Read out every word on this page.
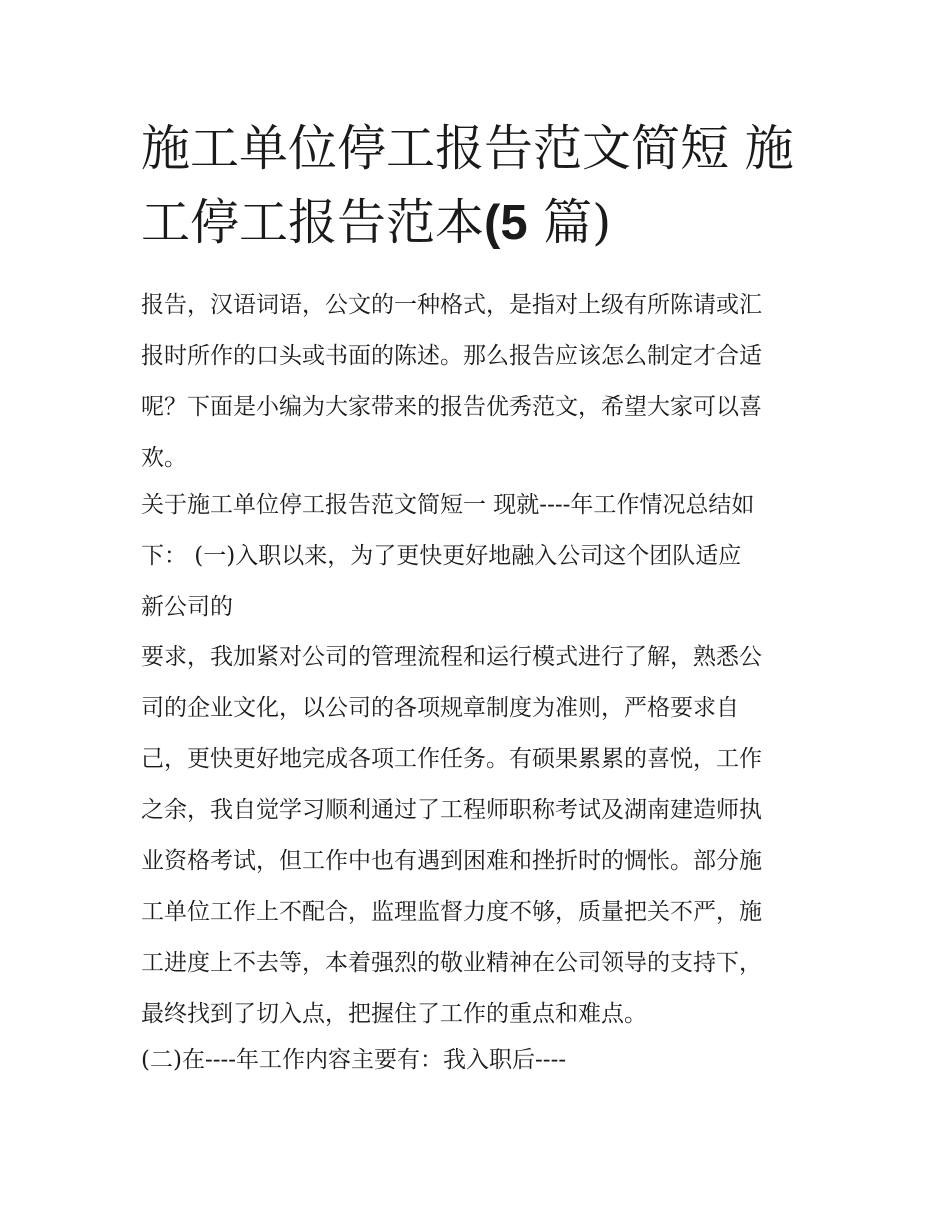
施工单位停工报告范文简短 施
工停工报告范本(5 篇)

报告，汉语词语，公文的一种格式，是指对上级有所陈请或汇
报时所作的口头或书面的陈述。那么报告应该怎么制定才合适
呢？下面是小编为大家带来的报告优秀范文，希望大家可以喜
欢。

关于施工单位停工报告范文简短一 现就----年工作情况总结如
下： (一)入职以来，为了更快更好地融入公司这个团队适应
新公司的

要求，我加紧对公司的管理流程和运行模式进行了解，熟悉公
司的企业文化，以公司的各项规章制度为准则，严格要求自
己，更快更好地完成各项工作任务。有硕果累累的喜悦，工作
之余，我自觉学习顺利通过了工程师职称考试及湖南建造师执
业资格考试，但工作中也有遇到困难和挫折时的惆怅。部分施
工单位工作上不配合，监理监督力度不够，质量把关不严，施
工进度上不去等，本着强烈的敬业精神在公司领导的支持下，
最终找到了切入点，把握住了工作的重点和难点。

(二)在----年工作内容主要有：我入职后----
